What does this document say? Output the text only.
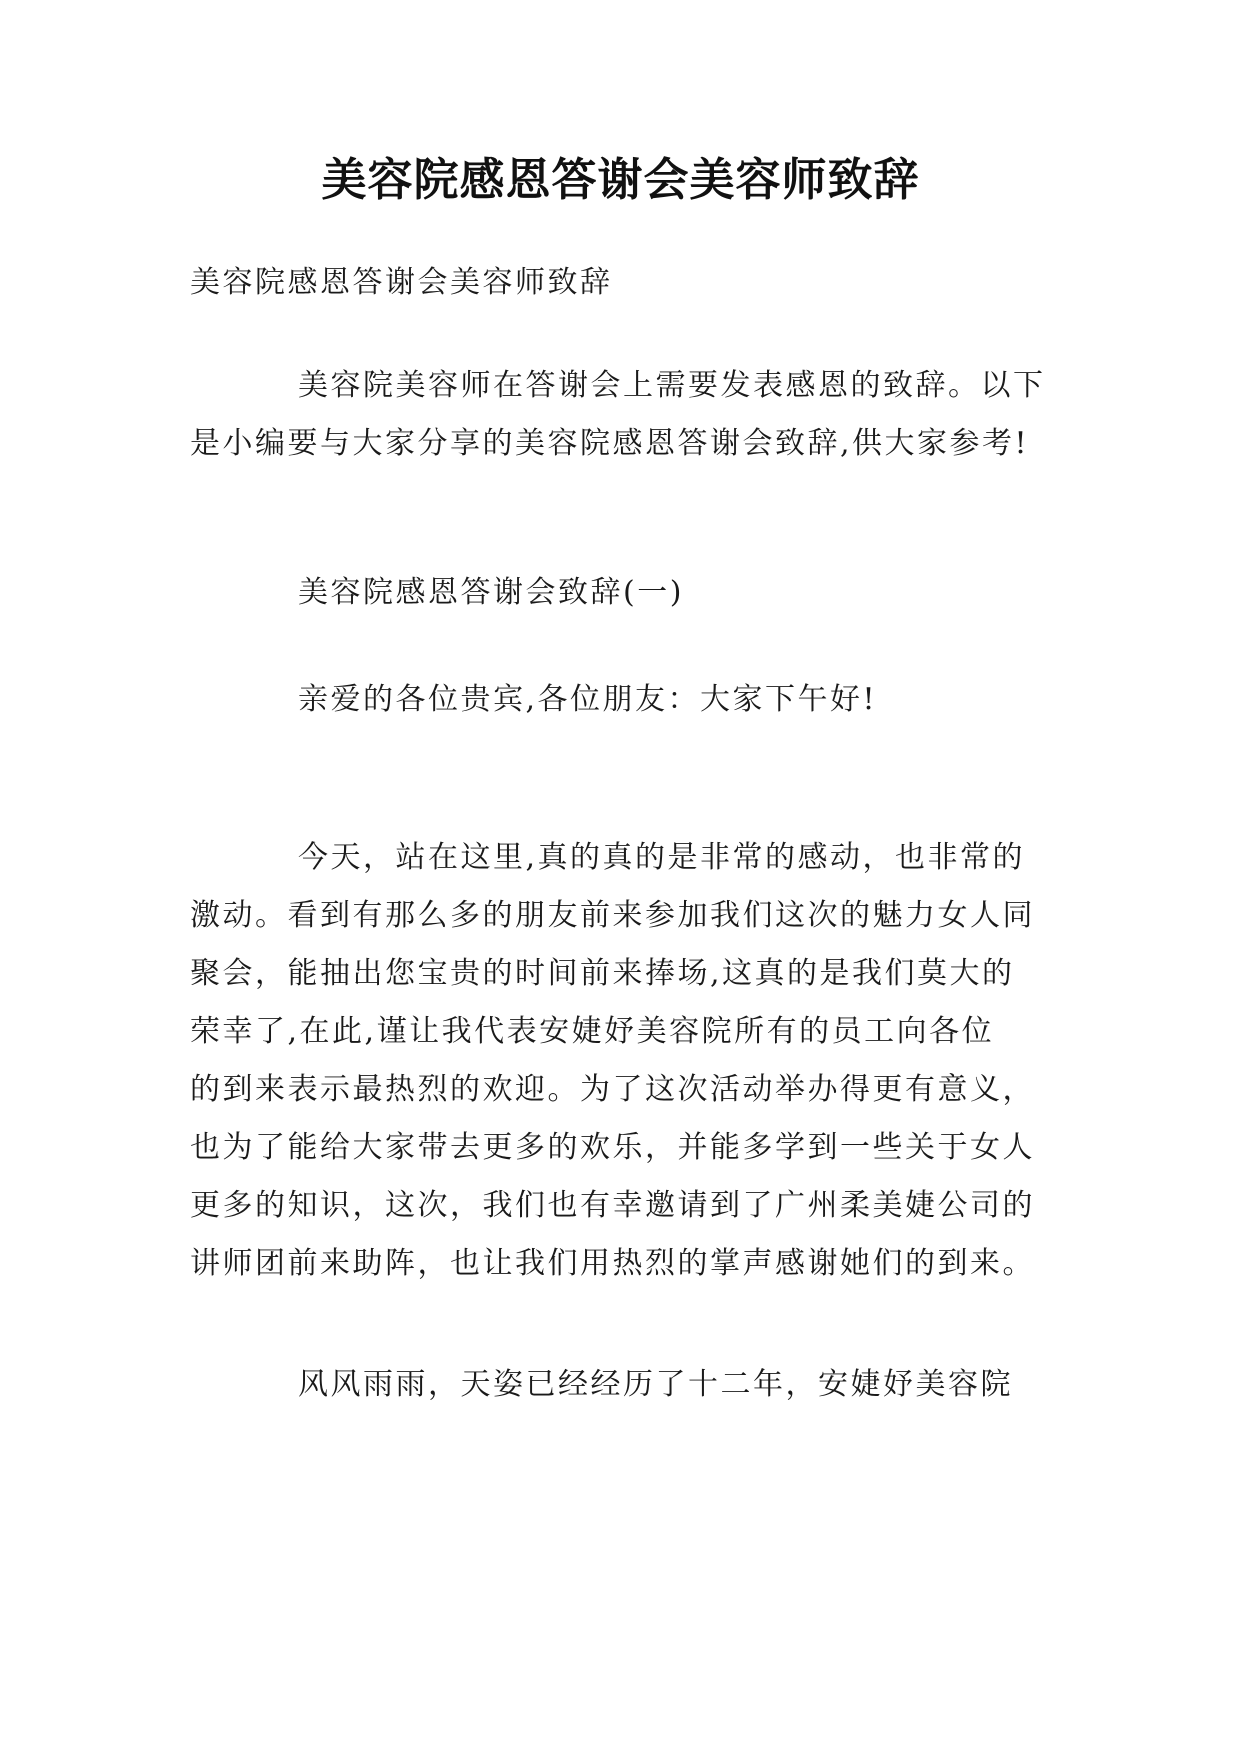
美容院感恩答谢会美容师致辞
美容院感恩答谢会美容师致辞
美容院美容师在答谢会上需要发表感恩的致辞。以下
是小编要与大家分享的美容院感恩答谢会致辞,供大家参考!
美容院感恩答谢会致辞(一)
亲爱的各位贵宾,各位朋友：大家下午好!
今天，站在这里,真的真的是非常的感动，也非常的
激动。看到有那么多的朋友前来参加我们这次的魅力女人同
聚会，能抽出您宝贵的时间前来捧场,这真的是我们莫大的
荣幸了,在此,谨让我代表安婕妤美容院所有的员工向各位
的到来表示最热烈的欢迎。为了这次活动举办得更有意义，
也为了能给大家带去更多的欢乐，并能多学到一些关于女人
更多的知识，这次，我们也有幸邀请到了广州柔美婕公司的
讲师团前来助阵，也让我们用热烈的掌声感谢她们的到来。
风风雨雨，天姿已经经历了十二年，安婕妤美容院
